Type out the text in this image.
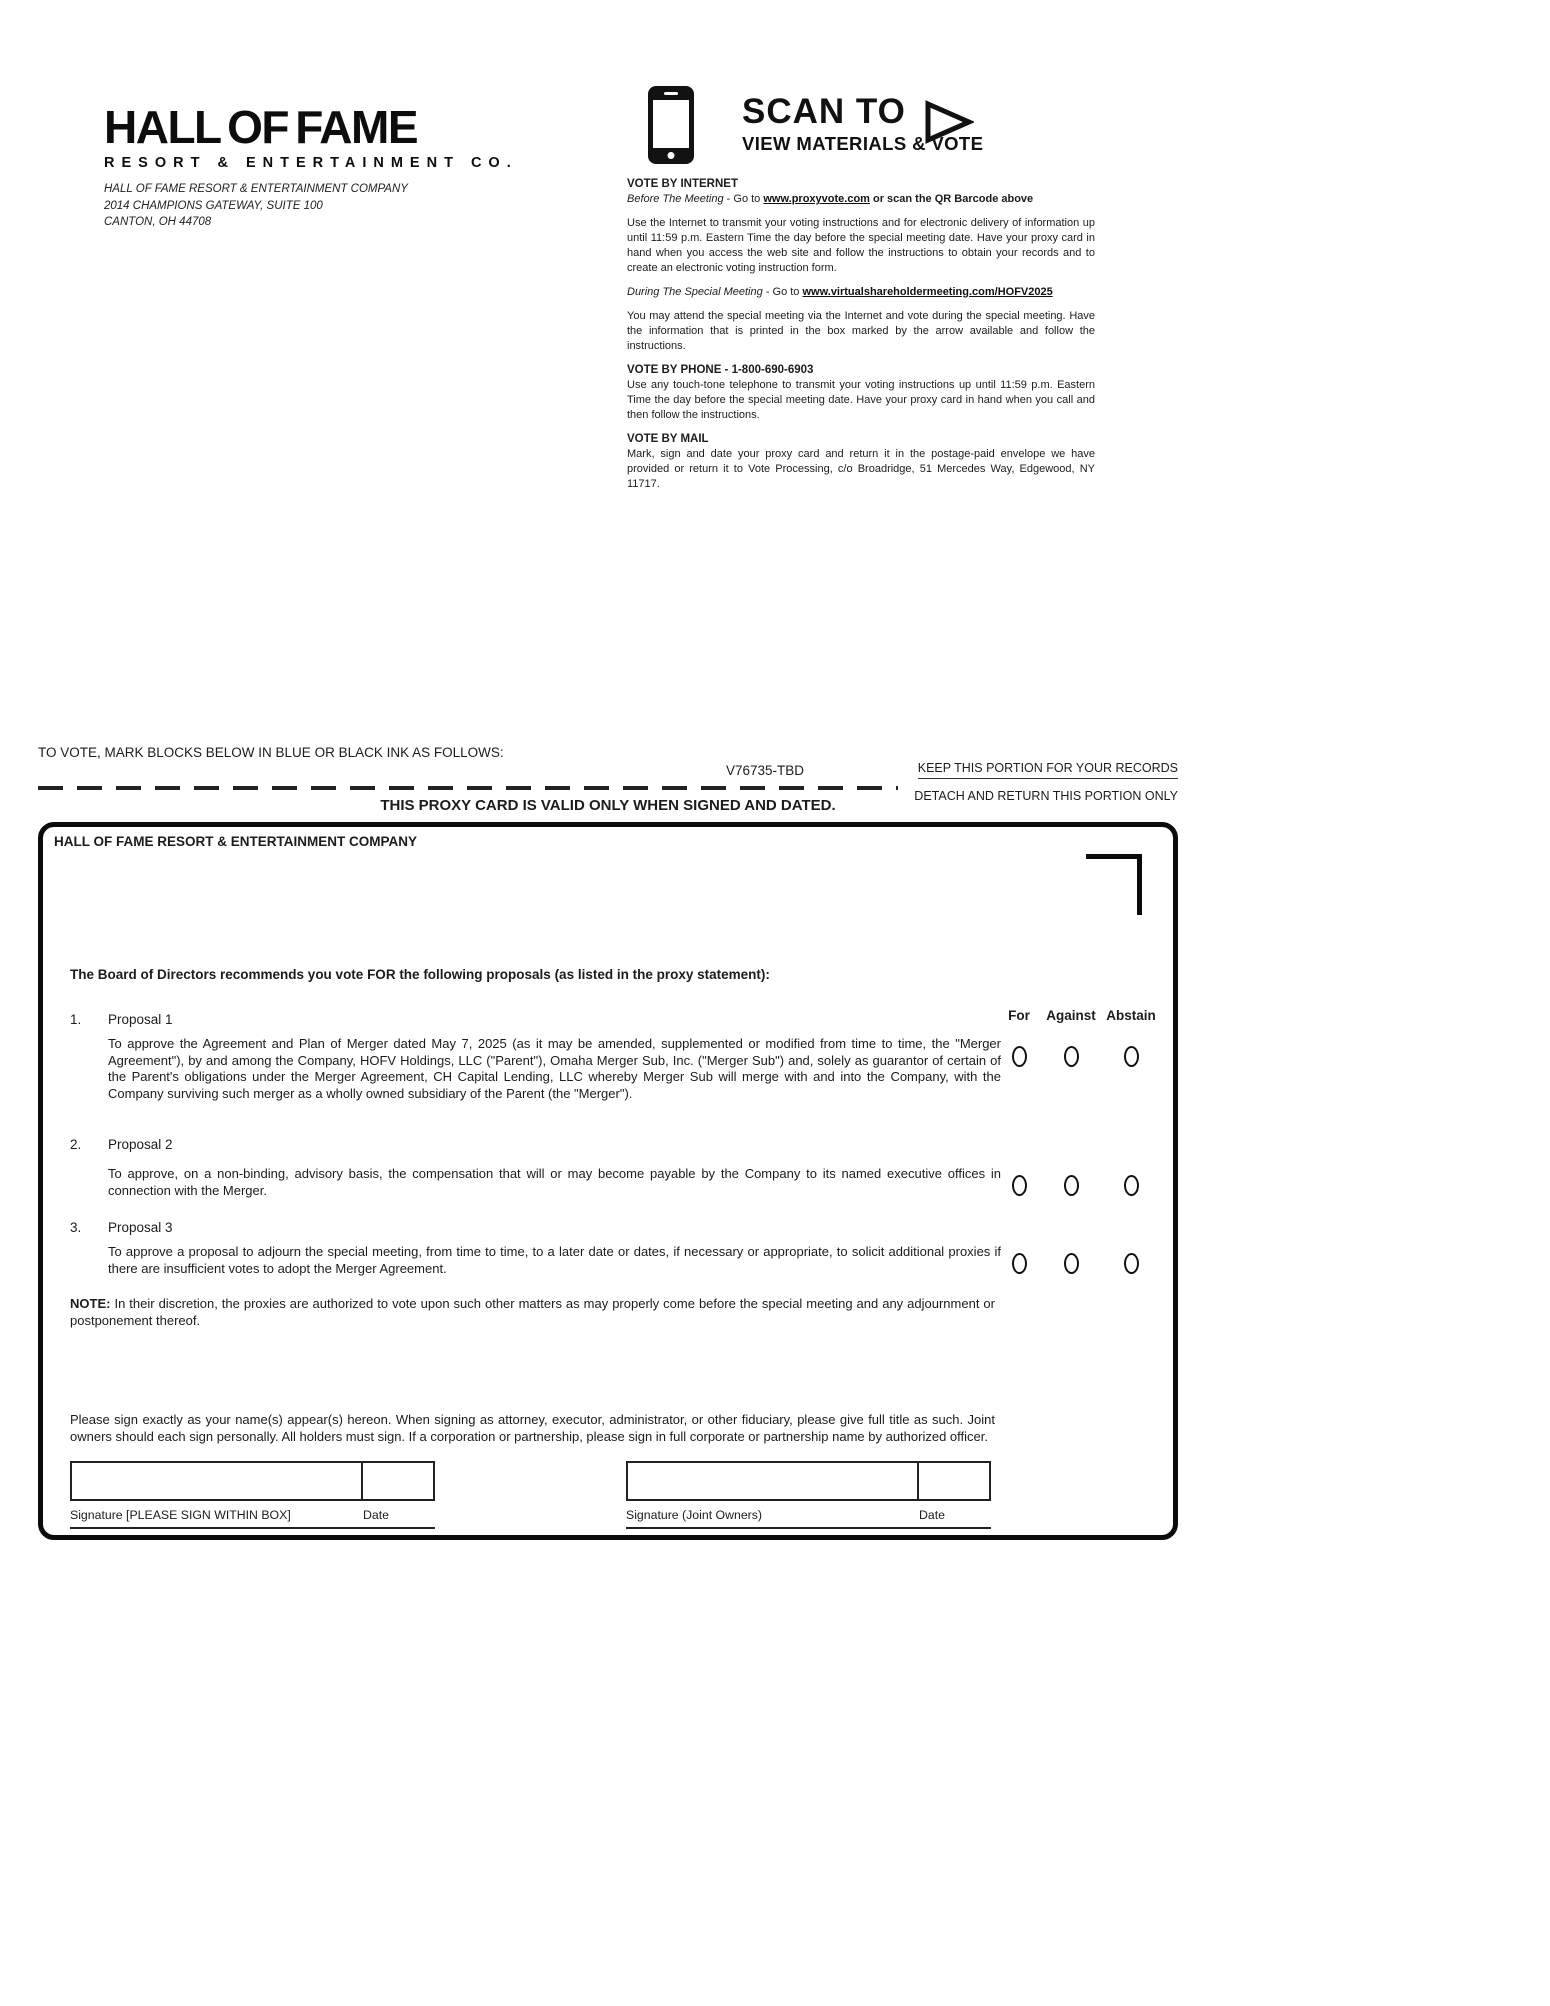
HALL OF FAME
RESORT & ENTERTAINMENT CO.
HALL OF FAME RESORT & ENTERTAINMENT COMPANY
2014 CHAMPIONS GATEWAY, SUITE 100
CANTON, OH 44708
SCAN TO
VIEW MATERIALS & VOTE

VOTE BY INTERNET

Before The Meeting - Go to www.proxyvote.com or scan the QR Barcode above

Use the Internet to transmit your voting instructions and for electronic delivery of information up until 11:59 p.m. Eastern Time the day before the special meeting date. Have your proxy card in hand when you access the web site and follow the instructions to obtain your records and to create an electronic voting instruction form.

During The Special Meeting - Go to www.virtualshareholdermeeting.com/HOFV2025

You may attend the special meeting via the Internet and vote during the special meeting. Have the information that is printed in the box marked by the arrow available and follow the instructions.

VOTE BY PHONE - 1-800-690-6903

Use any touch-tone telephone to transmit your voting instructions up until 11:59 p.m. Eastern Time the day before the special meeting date. Have your proxy card in hand when you call and then follow the instructions.

VOTE BY MAIL

Mark, sign and date your proxy card and return it in the postage-paid envelope we have provided or return it to Vote Processing, c/o Broadridge, 51 Mercedes Way, Edgewood, NY 11717.

TO VOTE, MARK BLOCKS BELOW IN BLUE OR BLACK INK AS FOLLOWS:
V76735-TBD	KEEP THIS PORTION FOR YOUR RECORDS
DETACH AND RETURN THIS PORTION ONLY
THIS PROXY CARD IS VALID ONLY WHEN SIGNED AND DATED.
HALL OF FAME RESORT & ENTERTAINMENT COMPANY
The Board of Directors recommends you vote FOR the following proposals (as listed in the proxy statement):
For	Against Abstain
1. Proposal 1
To approve the Agreement and Plan of Merger dated May 7, 2025 (as it may be amended, supplemented or modified from time to time, the "Merger Agreement"), by and among the Company, HOFV Holdings, LLC ("Parent"), Omaha Merger Sub, Inc. ("Merger Sub") and, solely as guarantor of certain of the Parent's obligations under the Merger Agreement, CH Capital Lending, LLC whereby Merger Sub will merge with and into the Company, with the Company surviving such merger as a wholly owned subsidiary of the Parent (the "Merger").
2. Proposal 2
To approve, on a non-binding, advisory basis, the compensation that will or may become payable by the Company to its named executive offices in connection with the Merger.
3. Proposal 3
To approve a proposal to adjourn the special meeting, from time to time, to a later date or dates, if necessary or appropriate, to solicit additional proxies if there are insufficient votes to adopt the Merger Agreement.
NOTE: In their discretion, the proxies are authorized to vote upon such other matters as may properly come before the special meeting and any adjournment or postponement thereof.
Please sign exactly as your name(s) appear(s) hereon. When signing as attorney, executor, administrator, or other fiduciary, please give full title as such. Joint owners should each sign personally. All holders must sign. If a corporation or partnership, please sign in full corporate or partnership name by authorized officer.
Signature [PLEASE SIGN WITHIN BOX]	Date	Signature (Joint Owners)	Date
